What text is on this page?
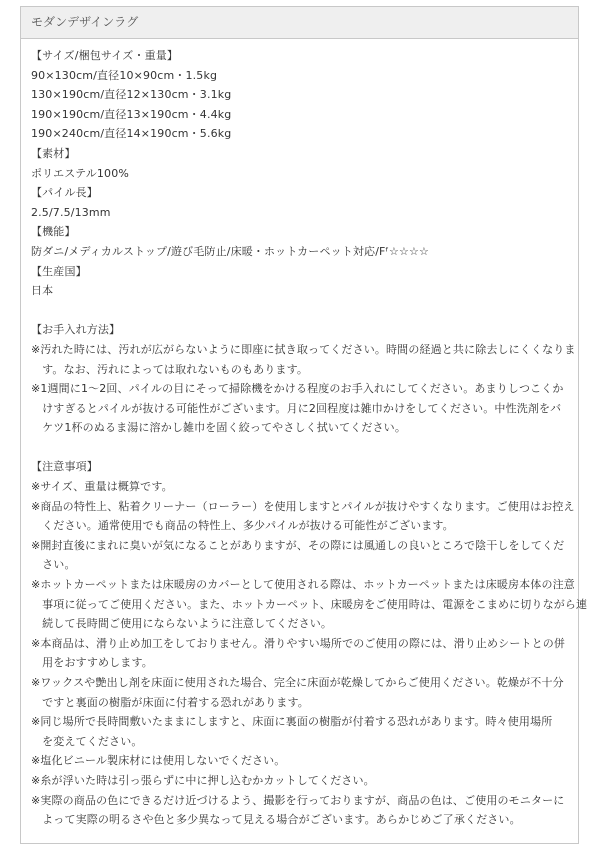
モダンデザインラグ
【サイズ/梱包サイズ・重量】
90×130cm/直径10×90cm・1.5kg
130×190cm/直径12×130cm・3.1kg
190×190cm/直径13×190cm・4.4kg
190×240cm/直径14×190cm・5.6kg
【素材】
ポリエステル100%
【パイル長】
2.5/7.5/13mm
【機能】
防ダニ/メディカルストップ/遊び毛防止/床暖・ホットカーペット対応/Fᶠ☆☆☆☆
【生産国】
日本
【お手入れ方法】
※汚れた時には、汚れが広がらないように即座に拭き取ってください。時間の経過と共に除去しにくくなりま
　す。なお、汚れによっては取れないものもあります。
※1週間に1～2回、パイルの目にそって掃除機をかける程度のお手入れにしてください。あまりしつこくか
　けすぎるとパイルが抜ける可能性がございます。月に2回程度は雑巾かけをしてください。中性洗剤をバ
　ケツ1杯のぬるま湯に溶かし雑巾を固く絞ってやさしく拭いてください。
【注意事項】
※サイズ、重量は概算です。
※商品の特性上、粘着クリーナー（ローラー）を使用しますとパイルが抜けやすくなります。ご使用はお控え
　ください。通常使用でも商品の特性上、多少パイルが抜ける可能性がございます。
※開封直後にまれに臭いが気になることがありますが、その際には風通しの良いところで陰干しをしてくだ
　さい。
※ホットカーペットまたは床暖房のカバーとして使用される際は、ホットカーペットまたは床暖房本体の注意
　事項に従ってご使用ください。また、ホットカーペット、床暖房をご使用時は、電源をこまめに切りながら連
　続して長時間ご使用にならないように注意してください。
※本商品は、滑り止め加工をしておりません。滑りやすい場所でのご使用の際には、滑り止めシートとの併
　用をおすすめします。
※ワックスや艶出し剤を床面に使用された場合、完全に床面が乾燥してからご使用ください。乾燥が不十分
　ですと裏面の樹脂が床面に付着する恐れがあります。
※同じ場所で長時間敷いたままにしますと、床面に裏面の樹脂が付着する恐れがあります。時々使用場所
　を変えてください。
※塩化ビニール製床材には使用しないでください。
※糸が浮いた時は引っ張らずに中に押し込むかカットしてください。
※実際の商品の色にできるだけ近づけるよう、撮影を行っておりますが、商品の色は、ご使用のモニターに
　よって実際の明るさや色と多少異なって見える場合がございます。あらかじめご了承ください。
